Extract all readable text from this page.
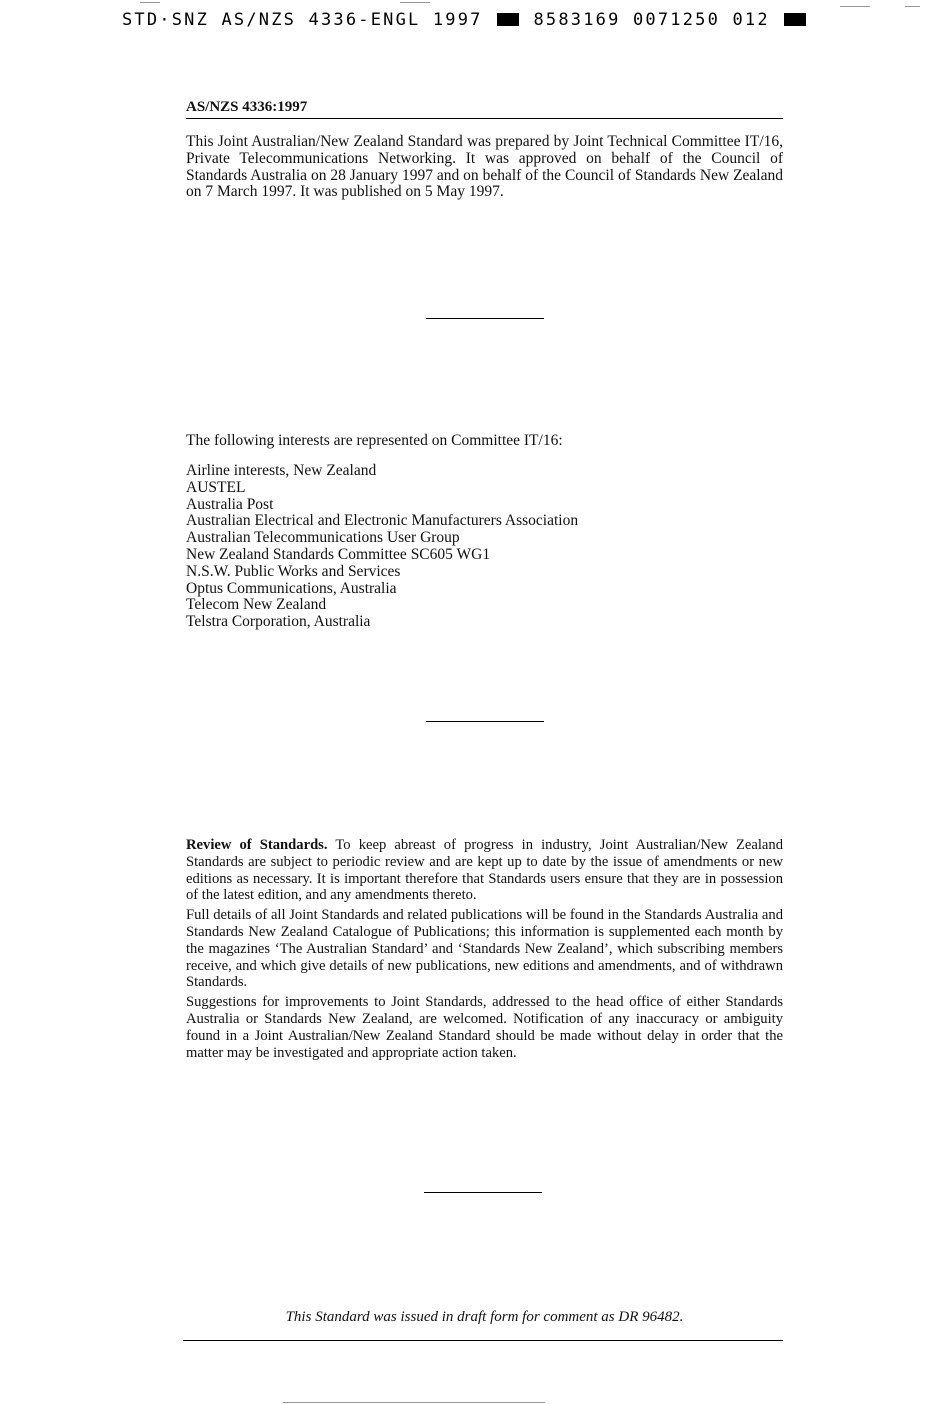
STD·SNZ AS/NZS 4336-ENGL 1997	8583169 0071250 012
AS/NZS 4336:1997

This Joint Australian/New Zealand Standard was prepared by Joint Technical Committee IT/16, Private Telecommunications Networking. It was approved on behalf of the Council of Standards Australia on 28 January 1997 and on behalf of the Council of Standards New Zealand on 7 March 1997. It was published on 5 May 1997.

The following interests are represented on Committee IT/16:
Airline interests, New Zealand
AUSTEL
Australia Post
Australian Electrical and Electronic Manufacturers Association
Australian Telecommunications User Group
New Zealand Standards Committee SC605 WG1
N.S.W. Public Works and Services
Optus Communications, Australia
Telecom New Zealand
Telstra Corporation, Australia

Review of Standards. To keep abreast of progress in industry, Joint Australian/New Zealand Standards are subject to periodic review and are kept up to date by the issue of amendments or new editions as necessary. It is important therefore that Standards users ensure that they are in possession of the latest edition, and any amendments thereto.

Full details of all Joint Standards and related publications will be found in the Standards Australia and Standards New Zealand Catalogue of Publications; this information is supplemented each month by the magazines ‘The Australian Standard’ and ‘Standards New Zealand’, which subscribing members receive, and which give details of new publications, new editions and amendments, and of withdrawn Standards.

Suggestions for improvements to Joint Standards, addressed to the head office of either Standards Australia or Standards New Zealand, are welcomed. Notification of any inaccuracy or ambiguity found in a Joint Australian/New Zealand Standard should be made without delay in order that the matter may be investigated and appropriate action taken.

This Standard was issued in draft form for comment as DR 96482.
